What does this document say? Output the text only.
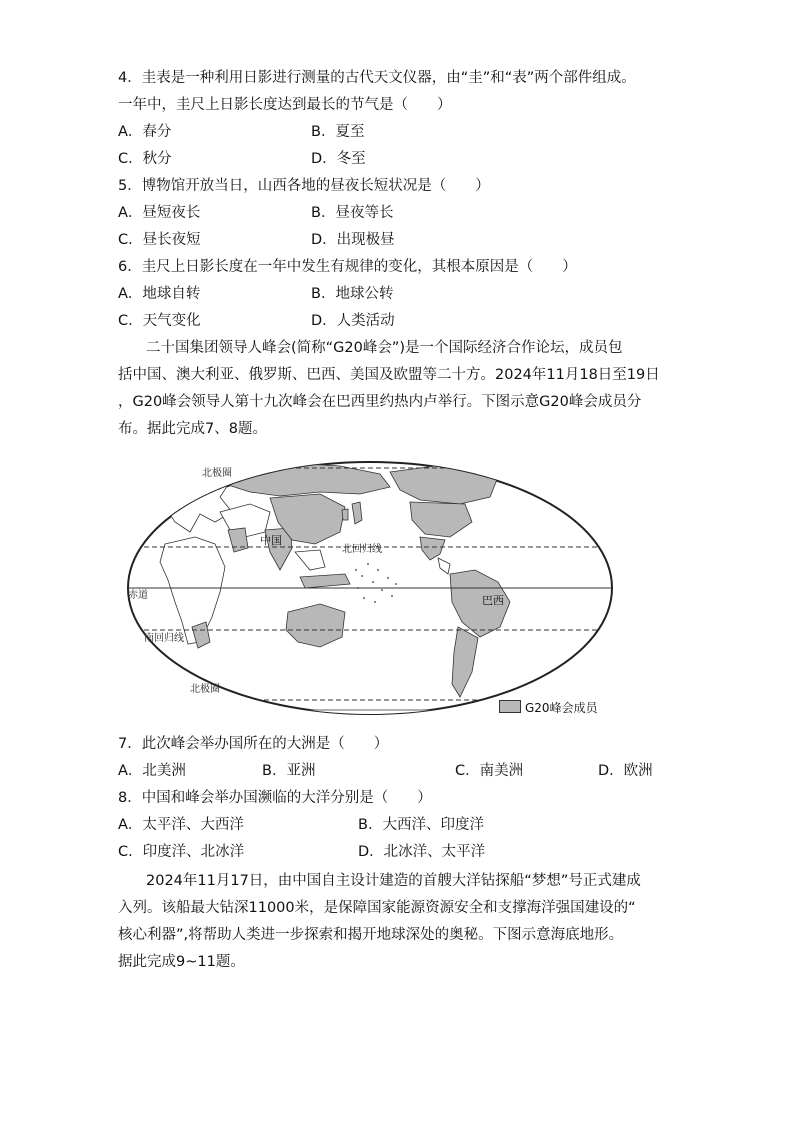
4．圭表是一种利用日影进行测量的古代天文仪器，由“圭”和“表”两个部件组成。
一年中，圭尺上日影长度达到最长的节气是（　　）
A．春分	B．夏至
C．秋分	D．冬至
5．博物馆开放当日，山西各地的昼夜长短状况是（　　）
A．昼短夜长	B．昼夜等长
C．昼长夜短	D．出现极昼
6．圭尺上日影长度在一年中发生有规律的变化，其根本原因是（　　）
A．地球自转	B．地球公转
C．天气变化	D．人类活动
二十国集团领导人峰会(简称“G20峰会”)是一个国际经济合作论坛，成员包
括中国、澳大利亚、俄罗斯、巴西、美国及欧盟等二十方。2024年11月18日至19日
，G20峰会领导人第十九次峰会在巴西里约热内卢举行。下图示意G20峰会成员分
布。据此完成7、8题。
北极圈
中国
北回归线
赤道
南回归线
巴西
北极圈
G20峰会成员
7．此次峰会举办国所在的大洲是（　　）
A．北美洲	B．亚洲	C．南美洲	D．欧洲
8．中国和峰会举办国濒临的大洋分别是（　　）
A．太平洋、大西洋	B．大西洋、印度洋
C．印度洋、北冰洋	D．北冰洋、太平洋
2024年11月17日，由中国自主设计建造的首艘大洋钻探船“梦想”号正式建成
入列。该船最大钻深11000米，是保障国家能源资源安全和支撑海洋强国建设的“
核心利器”,将帮助人类进一步探索和揭开地球深处的奥秘。下图示意海底地形。
据此完成9~11题。
